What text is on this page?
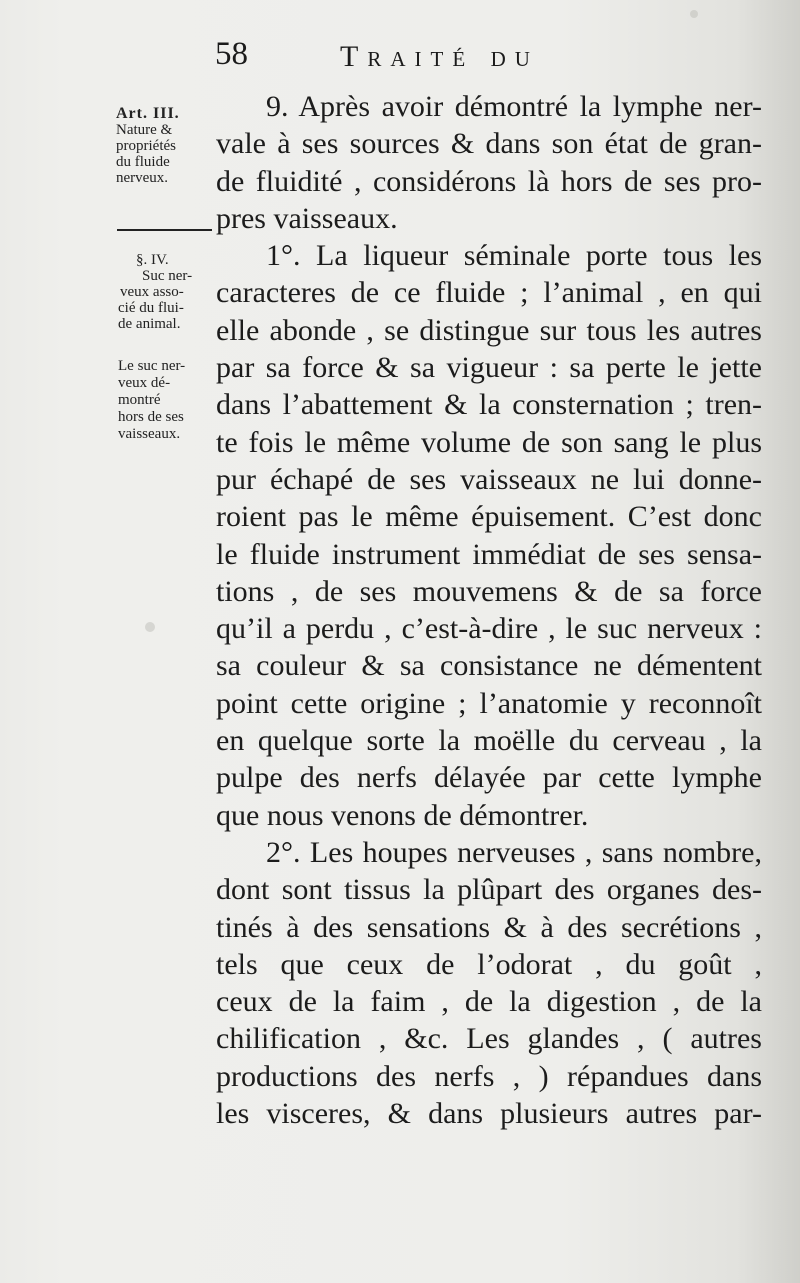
58	Traité du
Art. III.
Nature &
propriétés
du fluide
nerveux.
§. IV.
Suc ner-
veux asso-
cié du flui-
de animal.
Le suc ner-
veux dé-
montré
hors de ses
vaisseaux.
9. Après avoir démontré la lymphe ner-
vale à ses sources & dans son état de gran-
de fluidité , considérons là hors de ses pro-
pres vaisseaux.
1°. La liqueur séminale porte tous les
caracteres de ce fluide ; l’animal , en qui
elle abonde , se distingue sur tous les autres
par sa force & sa vigueur : sa perte le jette
dans l’abattement & la consternation ; tren-
te fois le même volume de son sang le plus
pur échapé de ses vaisseaux ne lui donne-
roient pas le même épuisement. C’est donc
le fluide instrument immédiat de ses sensa-
tions , de ses mouvemens & de sa force
qu’il a perdu , c’est-à-dire , le suc nerveux :
sa couleur & sa consistance ne démentent
point cette origine ; l’anatomie y reconnoît
en quelque sorte la moëlle du cerveau , la
pulpe des nerfs délayée par cette lymphe
que nous venons de démontrer.
2°. Les houpes nerveuses , sans nombre,
dont sont tissus la plûpart des organes des-
tinés à des sensations & à des secrétions ,
tels que ceux de l’odorat , du goût ,
ceux de la faim , de la digestion , de la
chilification , &c. Les glandes , ( autres
productions des nerfs , ) répandues dans
les visceres, & dans plusieurs autres par-
